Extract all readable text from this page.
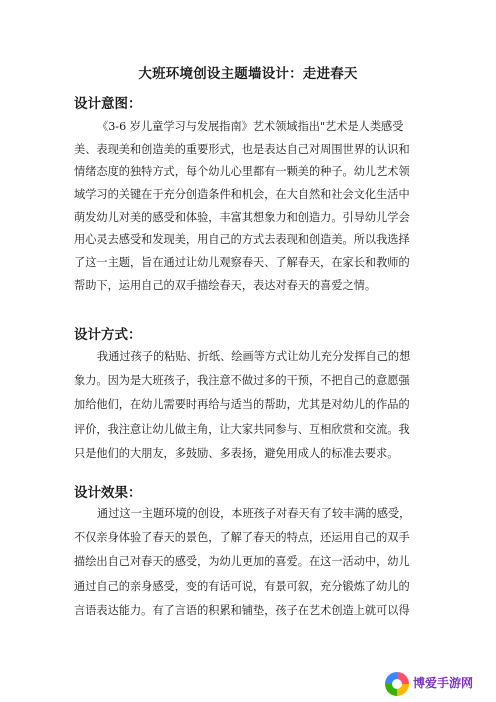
大班环境创设主题墙设计：走进春天
设计意图：
《3-6 岁儿童学习与发展指南》艺术领域指出"艺术是人类感受
美、表现美和创造美的重要形式，也是表达自己对周围世界的认识和
情绪态度的独特方式，每个幼儿心里都有一颗美的种子。幼儿艺术领
域学习的关键在于充分创造条件和机会，在大自然和社会文化生活中
萌发幼儿对美的感受和体验，丰富其想象力和创造力。引导幼儿学会
用心灵去感受和发现美，用自己的方式去表现和创造美。所以我选择
了这一主题，旨在通过让幼儿观察春天、了解春天，在家长和教师的
帮助下，运用自己的双手描绘春天，表达对春天的喜爱之情。
设计方式：
我通过孩子的粘贴、折纸、绘画等方式让幼儿充分发挥自己的想
象力。因为是大班孩子，我注意不做过多的干预，不把自己的意愿强
加给他们，在幼儿需要时再给与适当的帮助，尤其是对幼儿的作品的
评价，我注意让幼儿做主角，让大家共同参与、互相欣赏和交流。我
只是他们的大朋友，多鼓励、多表扬，避免用成人的标准去要求。
设计效果：
通过这一主题环境的创设，本班孩子对春天有了较丰满的感受，
不仅亲身体验了春天的景色，了解了春天的特点，还运用自己的双手
描绘出自己对春天的感受，为幼儿更加的喜爱。在这一活动中，幼儿
通过自己的亲身感受，变的有话可说，有景可叙，充分锻炼了幼儿的
言语表达能力。有了言语的积累和铺垫，孩子在艺术创造上就可以得
博爱手游网
